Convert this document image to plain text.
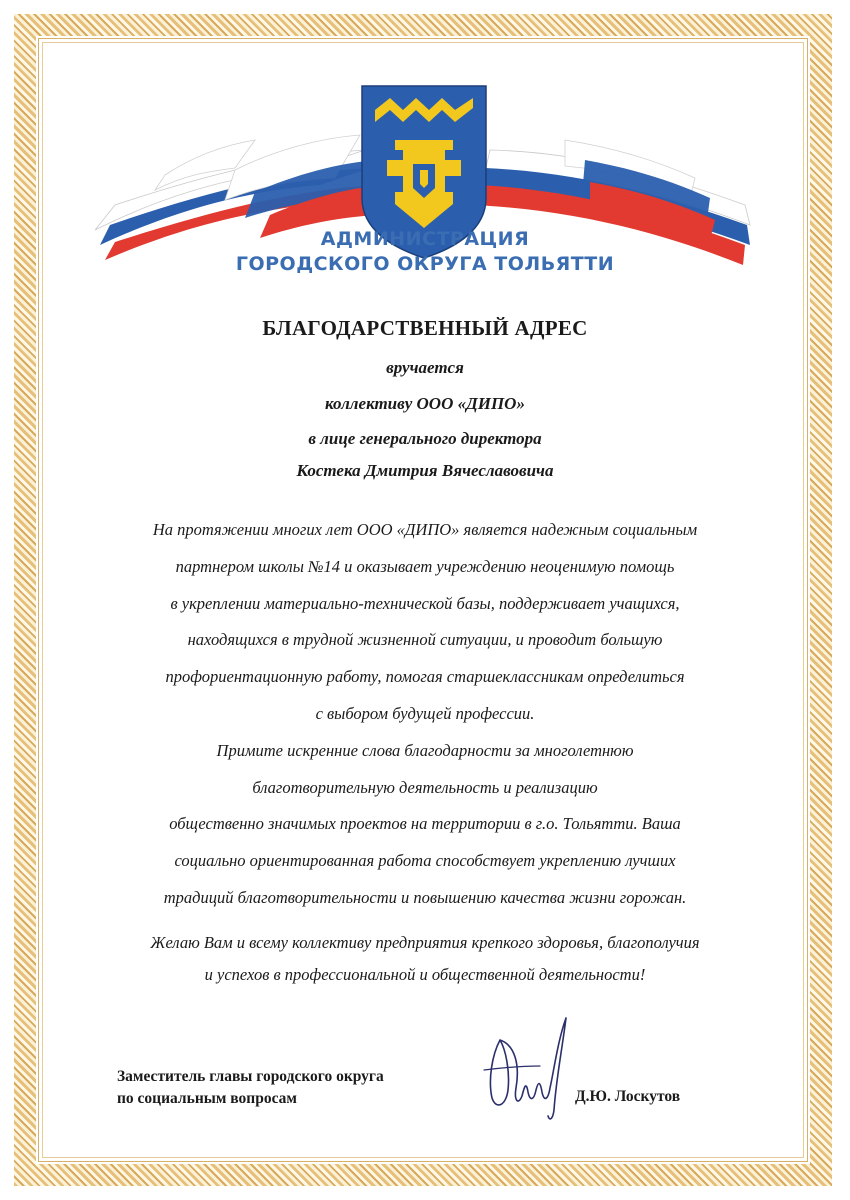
АДМИНИСТРАЦИЯ
ГОРОДСКОГО ОКРУГА ТОЛЬЯТТИ
БЛАГОДАРСТВЕННЫЙ АДРЕС
вручается
коллективу ООО «ДИПО»
в лице генерального директора
Костека Дмитрия Вячеславовича

На протяжении многих лет ООО «ДИПО» является надежным социальным

партнером школы №14 и оказывает учреждению неоценимую помощь

в укреплении материально-технической базы, поддерживает учащихся,

находящихся в трудной жизненной ситуации, и проводит большую

профориентационную работу, помогая старшеклассникам определиться

с выбором будущей профессии.

Примите искренние слова благодарности за многолетнюю

благотворительную деятельность и реализацию

общественно значимых проектов на территории в г.о. Тольятти. Ваша

социально ориентированная работа способствует укреплению лучших

традиций благотворительности и повышению качества жизни горожан.

Желаю Вам и всему коллективу предприятия крепкого здоровья, благополучия
и успехов в профессиональной и общественной деятельности!
Заместитель главы городского округа
по социальным вопросам	Д.Ю. Лоскутов
